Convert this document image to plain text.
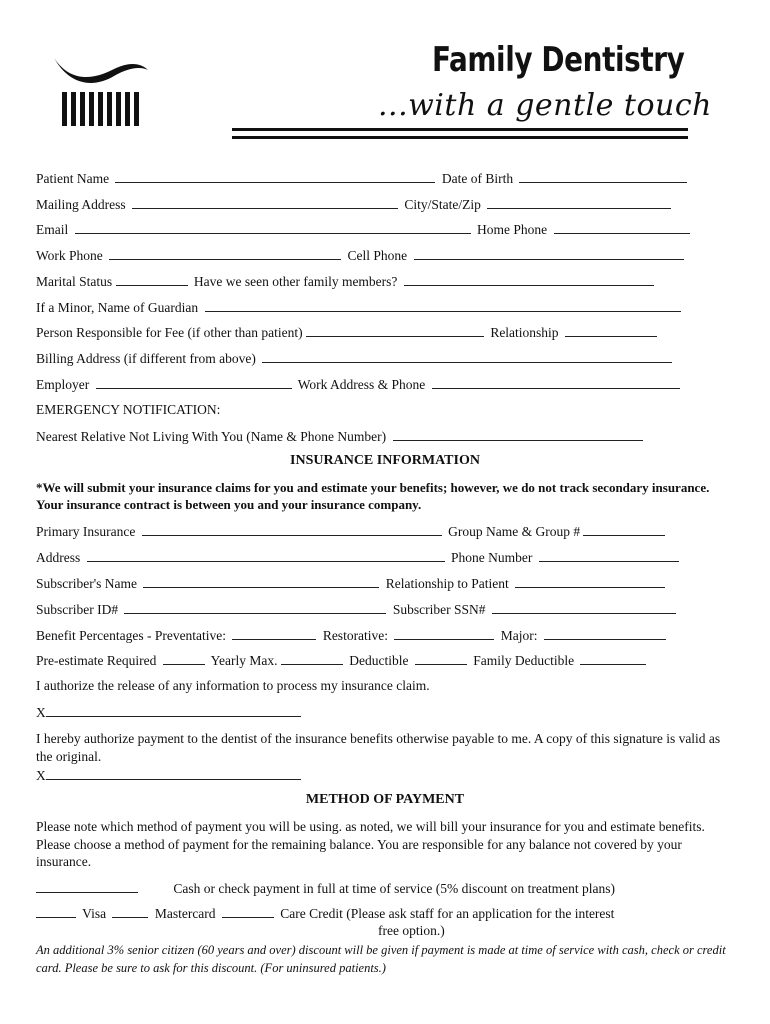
Family Dentistry
...with a gentle touch
Patient Name	Date of Birth
Mailing Address	City/State/Zip
Email	Home Phone
Work Phone	Cell Phone
Marital Status	Have we seen other family members?
If a Minor, Name of Guardian
Person Responsible for Fee (if other than patient)	Relationship
Billing Address (if different from above)
Employer	Work Address & Phone
EMERGENCY NOTIFICATION:
Nearest Relative Not Living With You (Name & Phone Number)
INSURANCE INFORMATION
*We will submit your insurance claims for you and estimate your benefits; however, we do not track secondary insurance. Your insurance contract is between you and your insurance company.
Primary Insurance	Group Name & Group #
Address	Phone Number
Subscriber's Name	Relationship to Patient
Subscriber ID#	Subscriber SSN#
Benefit Percentages - Preventative:	Restorative:	Major:
Pre-estimate Required	Yearly Max.	Deductible	Family Deductible
I authorize the release of any information to process my insurance claim.
X
I hereby authorize payment to the dentist of the insurance benefits otherwise payable to me. A copy of this signature is valid as the original.
X
METHOD OF PAYMENT
Please note which method of payment you will be using. as noted, we will bill your insurance for you and estimate benefits. Please choose a method of payment for the remaining balance. You are responsible for any balance not covered by your insurance.
Cash or check payment in full at time of service (5% discount on treatment plans)
Visa	Mastercard	Care Credit (Please ask staff for an application for the interest
free option.)
An additional 3% senior citizen (60 years and over) discount will be given if payment is made at time of service with cash, check or credit card. Please be sure to ask for this discount. (For uninsured patients.)
